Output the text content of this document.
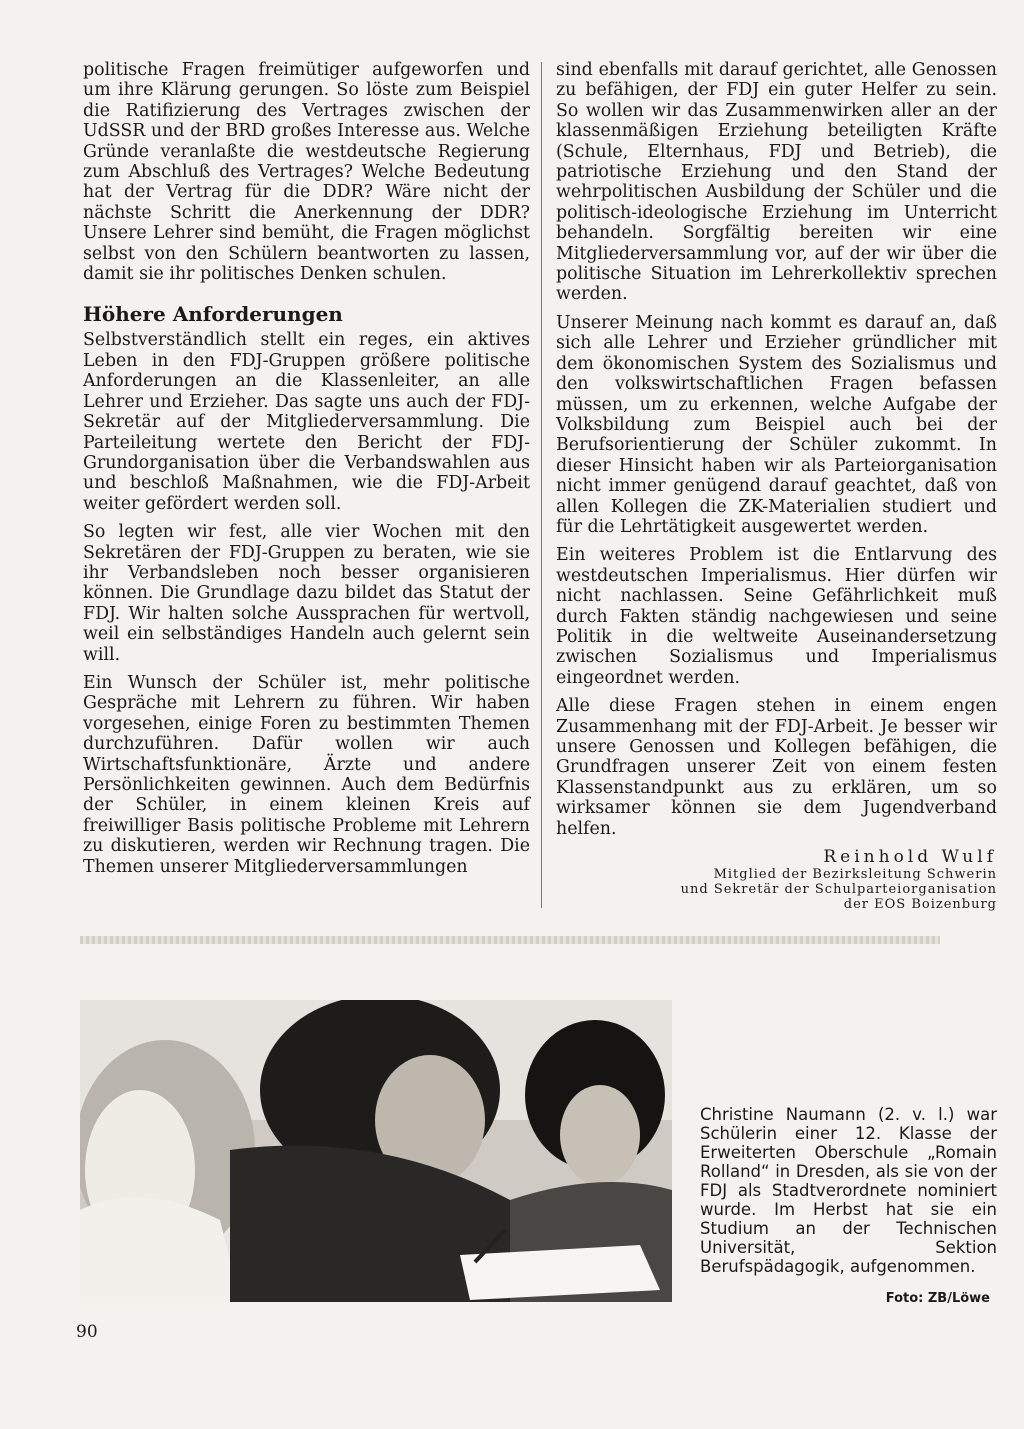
politische Fragen freimütiger aufgeworfen und um ihre Klärung gerungen. So löste zum Beispiel die Ratifizierung des Vertrages zwischen der UdSSR und der BRD großes Interesse aus. Welche Gründe veranlaßte die westdeutsche Regierung zum Abschluß des Vertrages? Welche Bedeutung hat der Vertrag für die DDR? Wäre nicht der nächste Schritt die Anerkennung der DDR? Unsere Lehrer sind bemüht, die Fragen möglichst selbst von den Schülern beantworten zu lassen, damit sie ihr politisches Denken schulen.

Höhere Anforderungen

Selbstverständlich stellt ein reges, ein aktives Leben in den FDJ-Gruppen größere politische Anforderungen an die Klassenleiter, an alle Lehrer und Erzieher. Das sagte uns auch der FDJ-Sekretär auf der Mitgliederversammlung. Die Parteileitung wertete den Bericht der FDJ-Grundorganisation über die Verbandswahlen aus und beschloß Maßnahmen, wie die FDJ-Arbeit weiter gefördert werden soll.

So legten wir fest, alle vier Wochen mit den Sekretären der FDJ-Gruppen zu beraten, wie sie ihr Verbandsleben noch besser organisieren können. Die Grundlage dazu bildet das Statut der FDJ. Wir halten solche Aussprachen für wertvoll, weil ein selbständiges Handeln auch gelernt sein will.

Ein Wunsch der Schüler ist, mehr politische Gespräche mit Lehrern zu führen. Wir haben vorgesehen, einige Foren zu bestimmten Themen durchzuführen. Dafür wollen wir auch Wirtschaftsfunktionäre, Ärzte und andere Persönlichkeiten gewinnen. Auch dem Bedürfnis der Schüler, in einem kleinen Kreis auf freiwilliger Basis politische Probleme mit Lehrern zu diskutieren, werden wir Rechnung tragen. Die Themen unserer Mitgliederversammlungen

sind ebenfalls mit darauf gerichtet, alle Genossen zu befähigen, der FDJ ein guter Helfer zu sein. So wollen wir das Zusammenwirken aller an der klassenmäßigen Erziehung beteiligten Kräfte (Schule, Elternhaus, FDJ und Betrieb), die patriotische Erziehung und den Stand der wehrpolitischen Ausbildung der Schüler und die politisch-ideologische Erziehung im Unterricht behandeln. Sorgfältig bereiten wir eine Mitgliederversammlung vor, auf der wir über die politische Situation im Lehrerkollektiv sprechen werden.

Unserer Meinung nach kommt es darauf an, daß sich alle Lehrer und Erzieher gründlicher mit dem ökonomischen System des Sozialismus und den volkswirtschaftlichen Fragen befassen müssen, um zu erkennen, welche Aufgabe der Volksbildung zum Beispiel auch bei der Berufsorientierung der Schüler zukommt. In dieser Hinsicht haben wir als Parteiorganisation nicht immer genügend darauf geachtet, daß von allen Kollegen die ZK-Materialien studiert und für die Lehrtätigkeit ausgewertet werden.

Ein weiteres Problem ist die Entlarvung des westdeutschen Imperialismus. Hier dürfen wir nicht nachlassen. Seine Gefährlichkeit muß durch Fakten ständig nachgewiesen und seine Politik in die weltweite Auseinandersetzung zwischen Sozialismus und Imperialismus eingeordnet werden.

Alle diese Fragen stehen in einem engen Zusammenhang mit der FDJ-Arbeit. Je besser wir unsere Genossen und Kollegen befähigen, die Grundfragen unserer Zeit von einem festen Klassenstandpunkt aus zu erklären, um so wirksamer können sie dem Jugendverband helfen.

Reinhold Wulf
Mitglied der Bezirksleitung Schwerin
und Sekretär der Schulparteiorganisation
der EOS Boizenburg
Christine Naumann (2. v. l.) war Schülerin einer 12. Klasse der Erweiterten Oberschule „Romain Rolland“ in Dresden, als sie von der FDJ als Stadtverordnete nominiert wurde. Im Herbst hat sie ein Studium an der Technischen Universität, Sektion Berufspädagogik, aufgenommen.
Foto: ZB/Löwe
90
